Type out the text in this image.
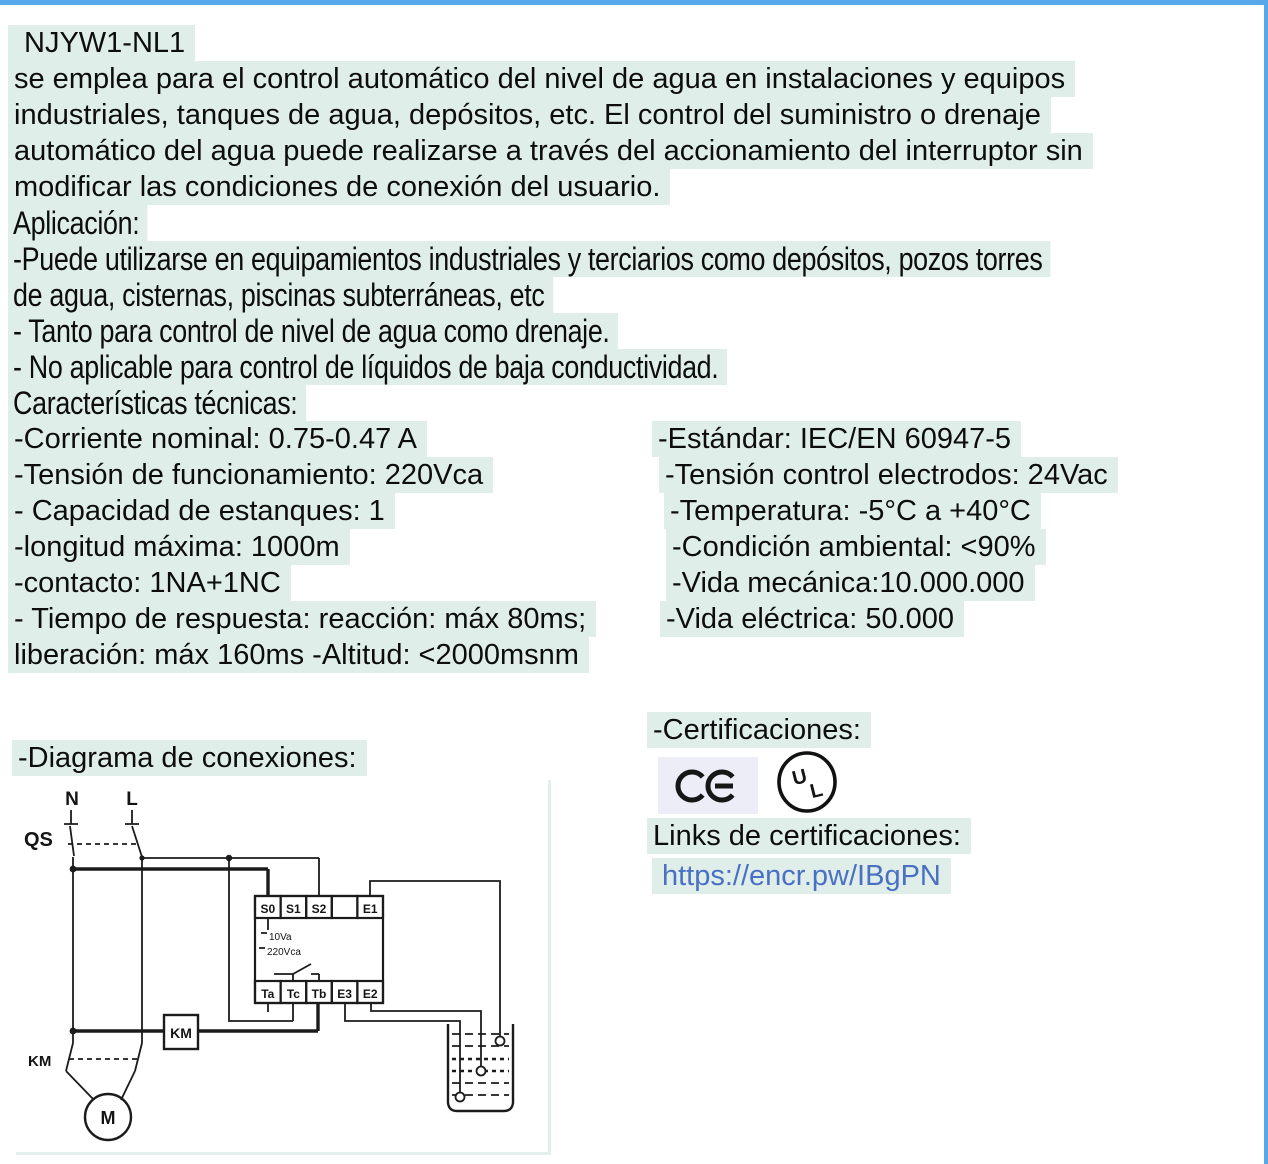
NJYW1-NL1
se emplea para el control automático del nivel de agua en instalaciones y equipos
industriales, tanques de agua, depósitos, etc. El control del suministro o drenaje
automático del agua puede realizarse a través del accionamiento del interruptor sin
modificar las condiciones de conexión del usuario.
Aplicación:
-Puede utilizarse en equipamientos industriales y terciarios como depósitos, pozos torres
de agua, cisternas, piscinas subterráneas, etc
- Tanto para control de nivel de agua como drenaje.
- No aplicable para control de líquidos de baja conductividad.
Características técnicas:
-Corriente nominal: 0.75-0.47 A	-Estándar: IEC/EN 60947-5
-Tensión de funcionamiento: 220Vca	-Tensión control electrodos: 24Vac
- Capacidad de estanques: 1	-Temperatura: -5°C a +40°C
-longitud máxima: 1000m	-Condición ambiental: <90%
-contacto: 1NA+1NC	-Vida mecánica:10.000.000
- Tiempo de respuesta: reacción: máx 80ms;	-Vida eléctrica: 50.000
liberación: máx 160ms -Altitud: <2000msnm
-Certificaciones:
U
L
Links de certificaciones:
https://encr.pw/IBgPN
-Diagrama de conexiones:
N L
QS
S0 S1 S2	E1
Ta Tc Tb E3 E2
10Va
220Vca
KM
KM
M
